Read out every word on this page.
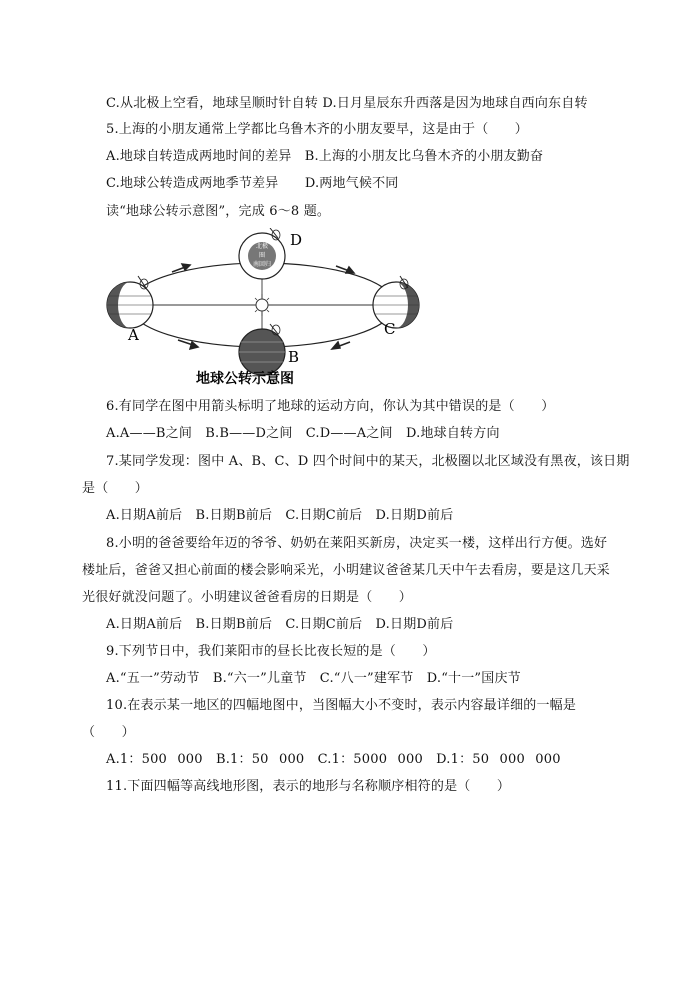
C.从北极上空看，地球呈顺时针自转 D.日月星辰东升西落是因为地球自西向东自转
5.上海的小朋友通常上学都比乌鲁木齐的小朋友要早，这是由于（　　）
A.地球自转造成两地时间的差异　B.上海的小朋友比乌鲁木齐的小朋友勤奋
C.地球公转造成两地季节差异　　D.两地气候不同
读“地球公转示意图”，完成 6～8 题。
北极
圈
南回归
A
B
C
D
地球公转示意图
6.有同学在图中用箭头标明了地球的运动方向，你认为其中错误的是（　　）
A.A——B之间　B.B——D之间　C.D——A之间　D.地球自转方向
7.某同学发现：图中 A、B、C、D 四个时间中的某天，北极圈以北区域没有黑夜，该日期
是（　　）
A.日期A前后　B.日期B前后　C.日期C前后　D.日期D前后
8.小明的爸爸要给年迈的爷爷、奶奶在莱阳买新房，决定买一楼，这样出行方便。选好
楼址后，爸爸又担心前面的楼会影响采光，小明建议爸爸某几天中午去看房，要是这几天采
光很好就没问题了。小明建议爸爸看房的日期是（　　）
A.日期A前后　B.日期B前后　C.日期C前后　D.日期D前后
9.下列节日中，我们莱阳市的昼长比夜长短的是（　　）
A.“五一”劳动节　B.“六一”儿童节　C.“八一”建军节　D.“十一”国庆节
10.在表示某一地区的四幅地图中，当图幅大小不变时，表示内容最详细的一幅是
（　　）
A.1：500 000　B.1：50 000　C.1：5000 000　D.1：50 000 000
11.下面四幅等高线地形图，表示的地形与名称顺序相符的是（　　）
